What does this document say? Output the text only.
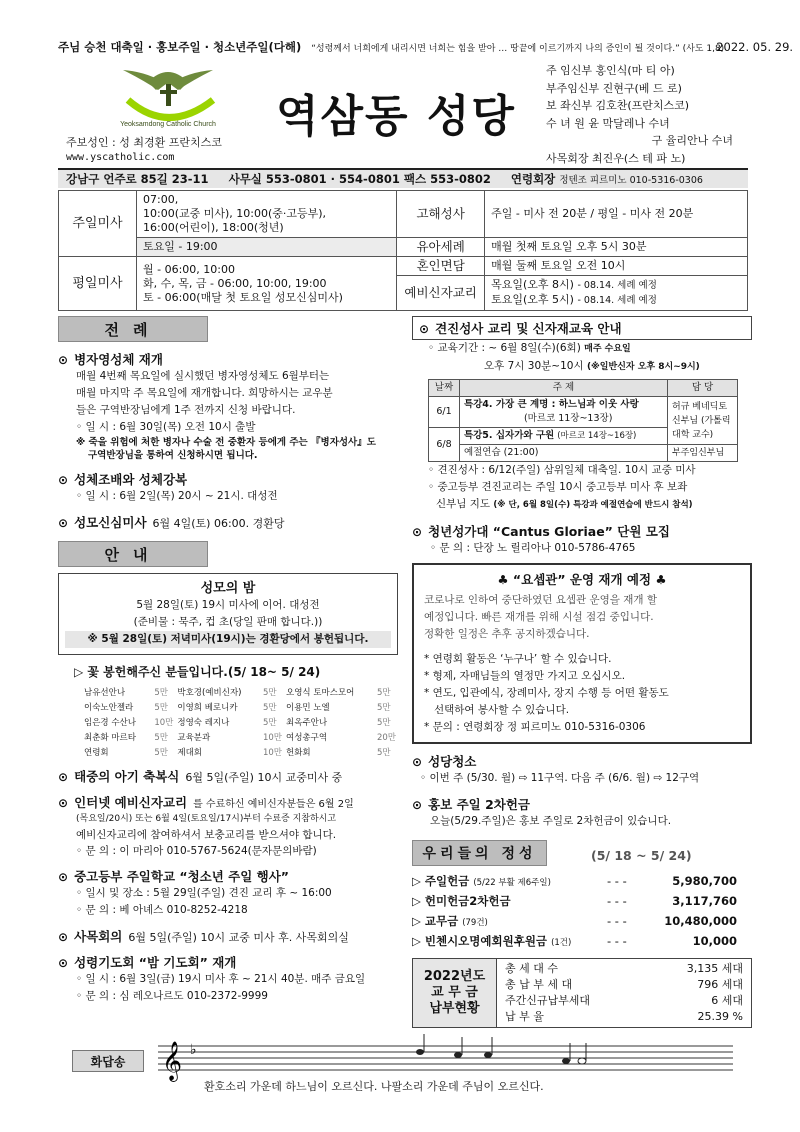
주님 승천 대축일 · 홍보주일 · 청소년주일(다해) “성령께서 너희에게 내리시면 너희는 힘을 받아 … 땅끝에 이르기까지 나의 증인이 될 것이다.” (사도 1,8)
2022. 05. 29.
Yeoksamdong Catholic Church
주보성인 : 성 최경환 프란치스코
www.yscatholic.com
역삼동 성당
주 임신부 홍인식(마 티 아)
부주임신부 진현구(베 드 로)
보 좌신부 김호찬(프란치스코)
수 녀 원 윤 막달레나 수녀
구 율리안나 수녀
사목회장 최진우(스 테 파 노)
강남구 언주로 85길 23-11 사무실 553-0801 · 554-0801 팩스 553-0802 연령회장 정텐조 피르미노 010-5316-0306
주일미사	07:00,
10:00(교중 미사), 10:00(중·고등부),
16:00(어린이), 18:00(청년)	고해성사	주일 - 미사 전 20분 / 평일 - 미사 전 20분
	토요일 - 19:00	유아세례	매월 첫째 토요일 오후 5시 30분
평일미사	월 - 06:00, 10:00
화, 수, 목, 금 - 06:00, 10:00, 19:00
토 - 06:00(매달 첫 토요일 성모신심미사)	혼인면담	매월 둘째 토요일 오전 10시
		예비신자교리	목요일(오후 8시) - 08.14. 세례 예정
토요일(오후 5시) - 08.14. 세례 예정
전례
⊙ 병자영성체 재개
매월 4번째 목요일에 실시했던 병자영성체도 6월부터는
매월 마지막 주 목요일에 재개합니다. 희망하시는 교우분
들은 구역반장님에게 1주 전까지 신청 바랍니다.
◦ 일 시 : 6월 30일(목) 오전 10시 출발
※ 죽을 위험에 처한 병자나 수술 전 중환자 등에게 주는 『병자성사』도
구역반장님을 통하여 신청하시면 됩니다.
⊙ 성체조배와 성체강복
◦ 일 시 : 6월 2일(목) 20시 ~ 21시. 대성전
⊙ 성모신심미사 6월 4일(토) 06:00. 경환당
안내
성모의 밤
5월 28일(토) 19시 미사에 이어. 대성전
(준비물 : 묵주, 컵 초(당일 판매 합니다.))
※ 5월 28일(토) 저녁미사(19시)는 경환당에서 봉헌됩니다.
▷ 꽃 봉헌해주신 분들입니다.(5/ 18~ 5/ 24)
남유선안나	5만	박호경(예비신자)	5만	오영식 토마스모어	5만
이숙노안젤라	5만	이영희 베로니카	5만	이용민 노엘	5만
임은경 수산나	10만	정영숙 레지나	5만	최옥주안나	5만
최춘화 마르타	5만	교육분과	10만	여성총구역	20만
연령회	5만	제대회	10만	헌화회	5만
⊙ 태중의 아기 축복식 6월 5일(주일) 10시 교중미사 중
⊙ 인터넷 예비신자교리 를 수료하신 예비신자분들은 6월 2일
(목요일/20시) 또는 6월 4일(토요일/17시)부터 수료증 지참하시고
예비신자교리에 참여하셔서 보충교리를 받으셔야 합니다.
◦ 문 의 : 이 마리아 010-5767-5624(문자문의바람)
⊙ 중고등부 주일학교 “청소년 주일 행사”
◦ 일시 및 장소 : 5월 29일(주일) 견진 교리 후 ~ 16:00
◦ 문 의 : 베 아녜스 010-8252-4218
⊙ 사목회의 6월 5일(주일) 10시 교중 미사 후. 사목회의실
⊙ 성령기도회 “밤 기도회” 재개
◦ 일 시 : 6월 3일(금) 19시 미사 후 ~ 21시 40분. 매주 금요일
◦ 문 의 : 심 레오나르도 010-2372-9999
⊙ 견진성사 교리 및 신자재교육 안내
◦ 교육기간 : ~ 6월 8일(수)(6회) 매주 수요일
오후 7시 30분~10시 (※일반신자 오후 8시~9시)
날짜	주 제	담 당
6/1	특강4. 가장 큰 계명 : 하느님과 이웃 사랑
(마르코 11장~13장)	허규 베네딕토 신부님 (가톨릭 대학 교수)
6/8	특강5. 십자가와 구원 (마르코 14장~16장)	
	예절연습 (21:00)	부주임신부님
◦ 견진성사 : 6/12(주일) 삼위일체 대축일. 10시 교중 미사
◦ 중고등부 견진교리는 주일 10시 중고등부 미사 후 보좌
신부님 지도 (※ 단, 6월 8일(수) 특강과 예절연습에 반드시 참석)
⊙ 청년성가대 “Cantus Gloriae” 단원 모집
◦ 문 의 : 단장 노 릴리아나 010-5786-4765
♣ “요셉관” 운영 재개 예정 ♣
코로나로 인하여 중단하였던 요셉관 운영을 재개 할
예정입니다. 빠른 재개를 위해 시설 점검 중입니다.
정확한 일정은 추후 공지하겠습니다.
* 연령회 활동은 ‘누구나’ 할 수 있습니다.
* 형제, 자매님들의 열정만 가지고 오십시오.
* 연도, 입관예식, 장례미사, 장지 수행 등 어떤 활동도
선택하여 봉사할 수 있습니다.
* 문의 : 연령회장 정 피르미노 010-5316-0306
⊙ 성당청소
◦ 이번 주 (5/30. 월) ⇨ 11구역. 다음 주 (6/6. 월) ⇨ 12구역
⊙ 홍보 주일 2차헌금
오늘(5/29.주일)은 홍보 주일로 2차헌금이 있습니다.
우리들의 정성	(5/ 18 ~ 5/ 24)
▷ 주일헌금 (5/22 부활 제6주일)	- - -	5,980,700
▷ 헌미헌금2차헌금	- - -	3,117,760
▷ 교무금 (79건)	- - -	10,480,000
▷ 빈첸시오명예회원후원금 (1건)	- - -	10,000
2022년도
교 무 금
납부현황
총 세 대 수	3,135 세대
총 납 부 세 대	796 세대
주간신규납부세대	6 세대
납 부 율	25.39 %
화답송	𝄞 ♭
환호소리 가운데 하느님이 오르신다. 나팔소리 가운데 주님이 오르신다.
